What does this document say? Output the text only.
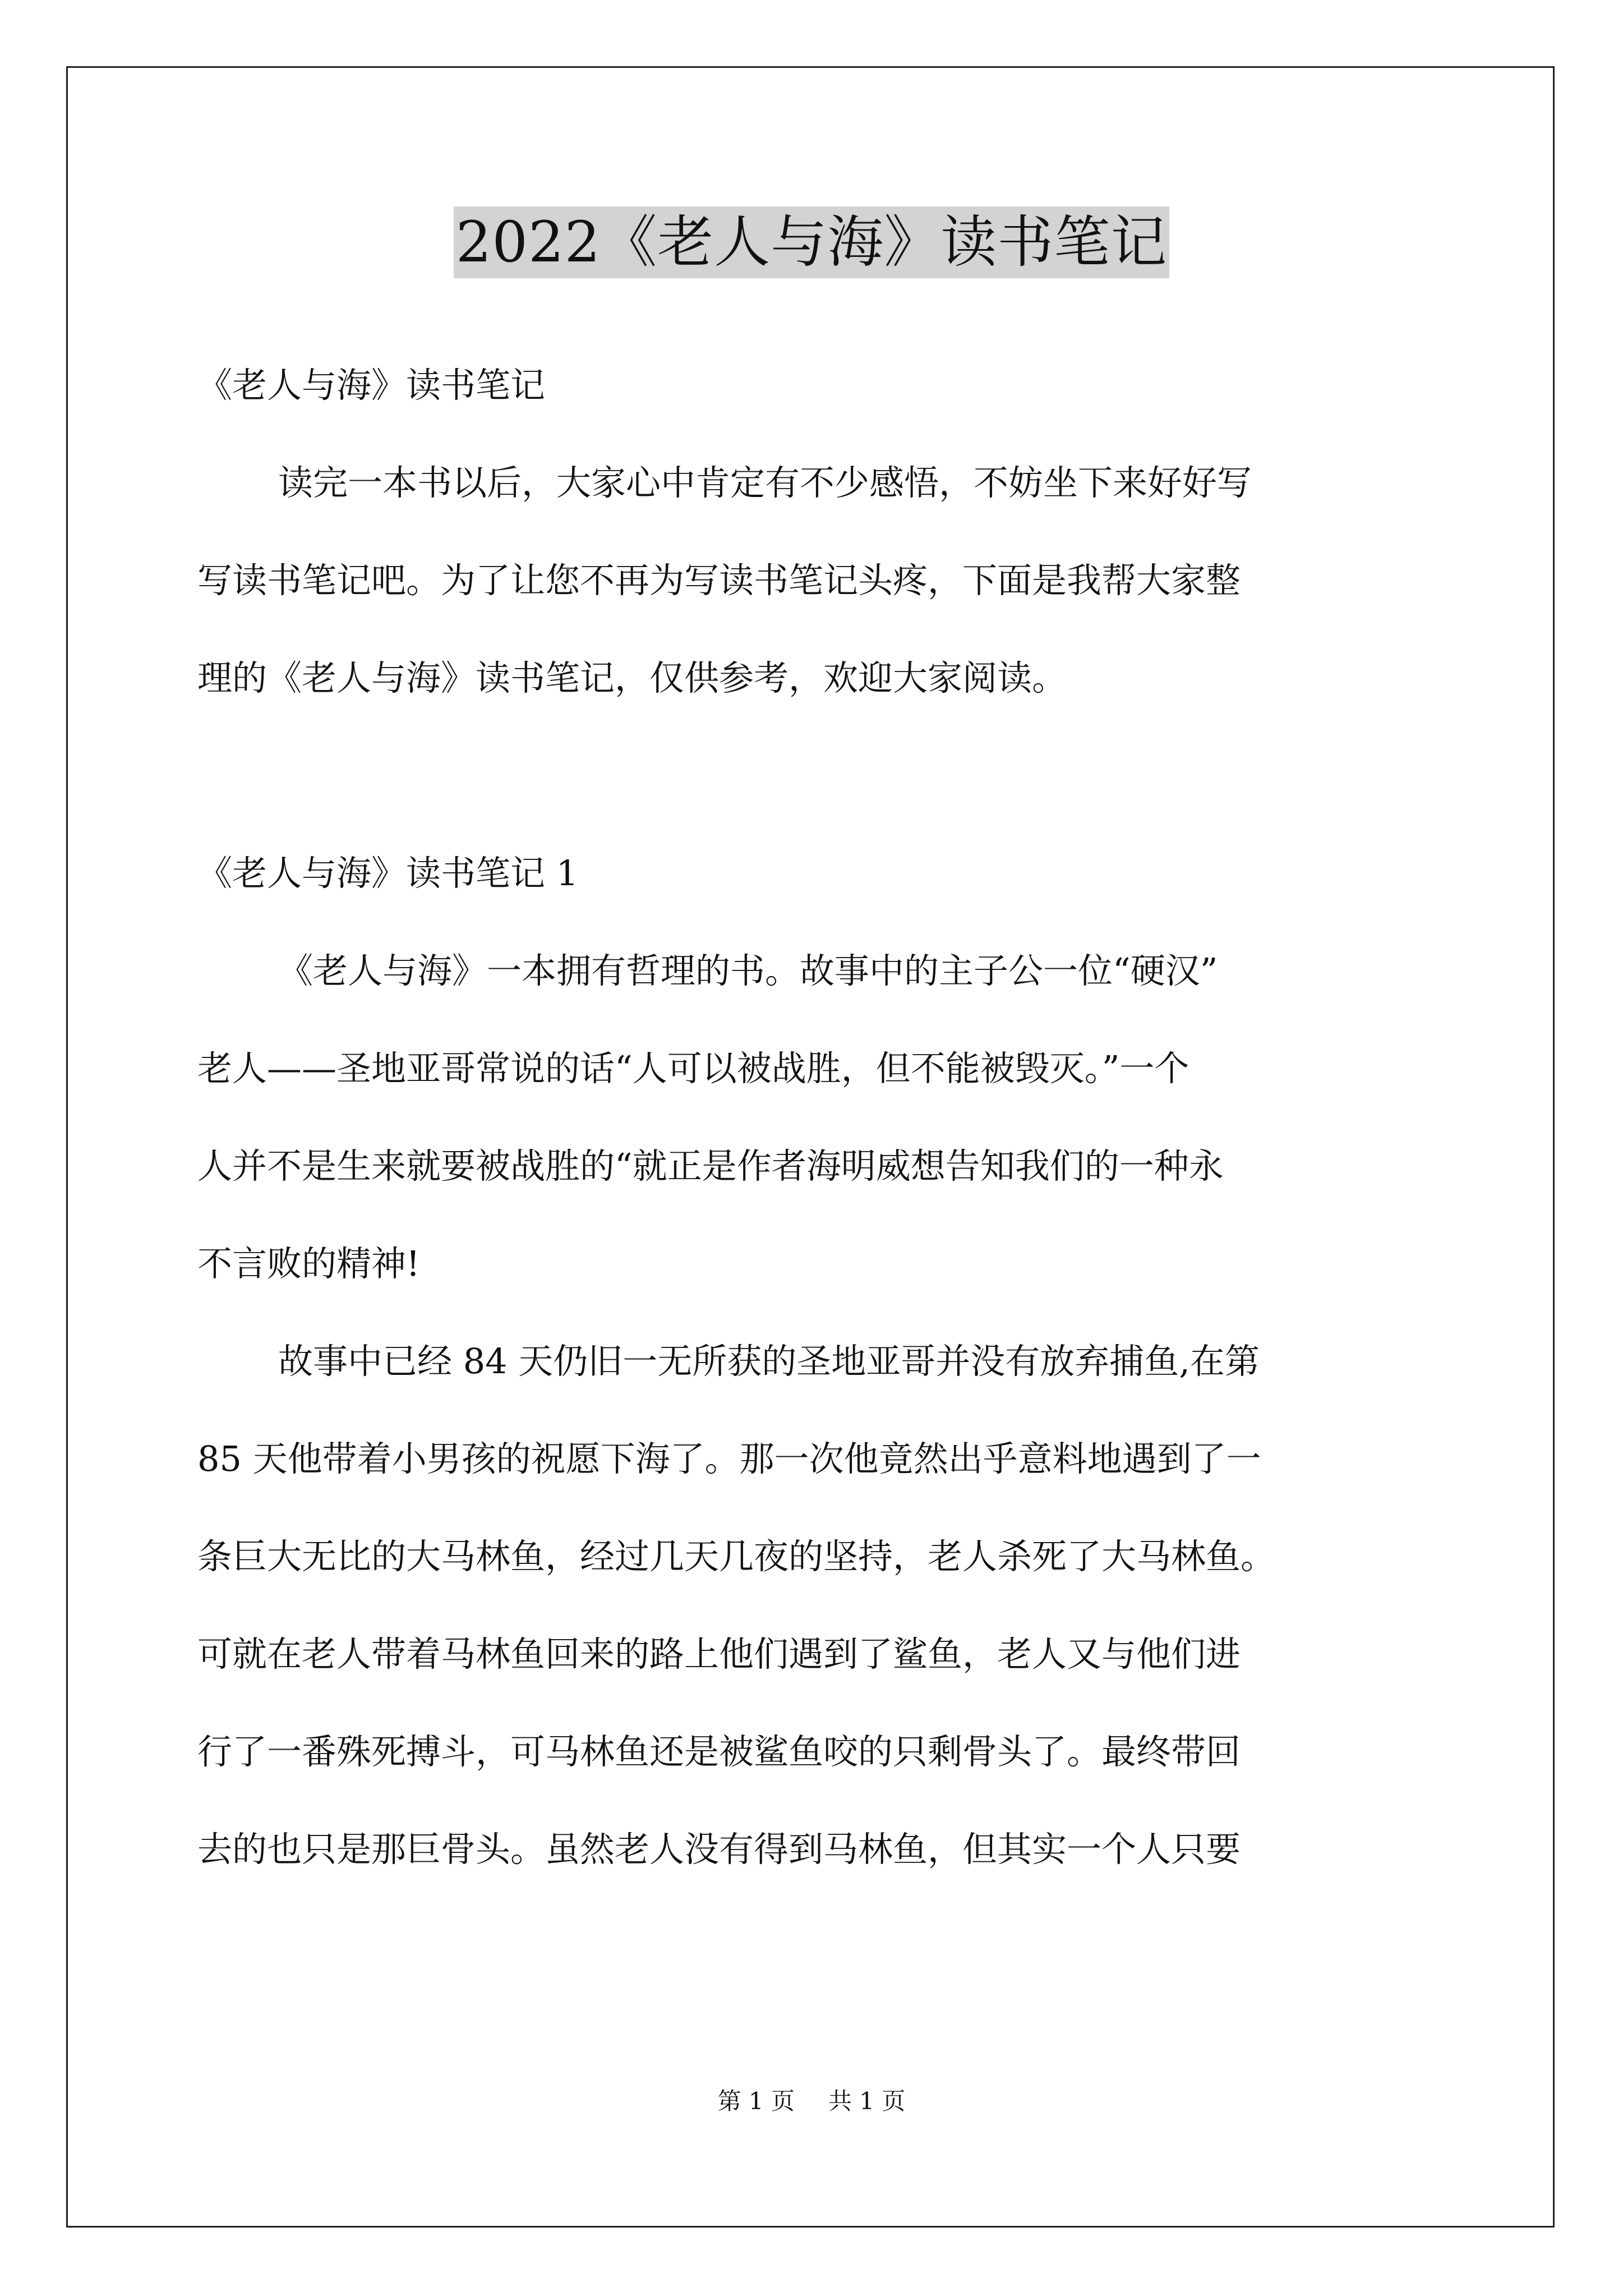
2022《老人与海》读书笔记
《老人与海》读书笔记
读完一本书以后，大家心中肯定有不少感悟，不妨坐下来好好写
写读书笔记吧。为了让您不再为写读书笔记头疼，下面是我帮大家整
理的《老人与海》读书笔记，仅供参考，欢迎大家阅读。
《老人与海》读书笔记 1
《老人与海》一本拥有哲理的书。故事中的主子公一位“硬汉”
老人——圣地亚哥常说的话“人可以被战胜，但不能被毁灭。”一个
人并不是生来就要被战胜的“就正是作者海明威想告知我们的一种永
不言败的精神!
故事中已经 84 天仍旧一无所获的圣地亚哥并没有放弃捕鱼,在第
85 天他带着小男孩的祝愿下海了。那一次他竟然出乎意料地遇到了一
条巨大无比的大马林鱼，经过几天几夜的坚持，老人杀死了大马林鱼。
可就在老人带着马林鱼回来的路上他们遇到了鲨鱼，老人又与他们进
行了一番殊死搏斗，可马林鱼还是被鲨鱼咬的只剩骨头了。最终带回
去的也只是那巨骨头。虽然老人没有得到马林鱼，但其实一个人只要
第 1 页 共 1 页
